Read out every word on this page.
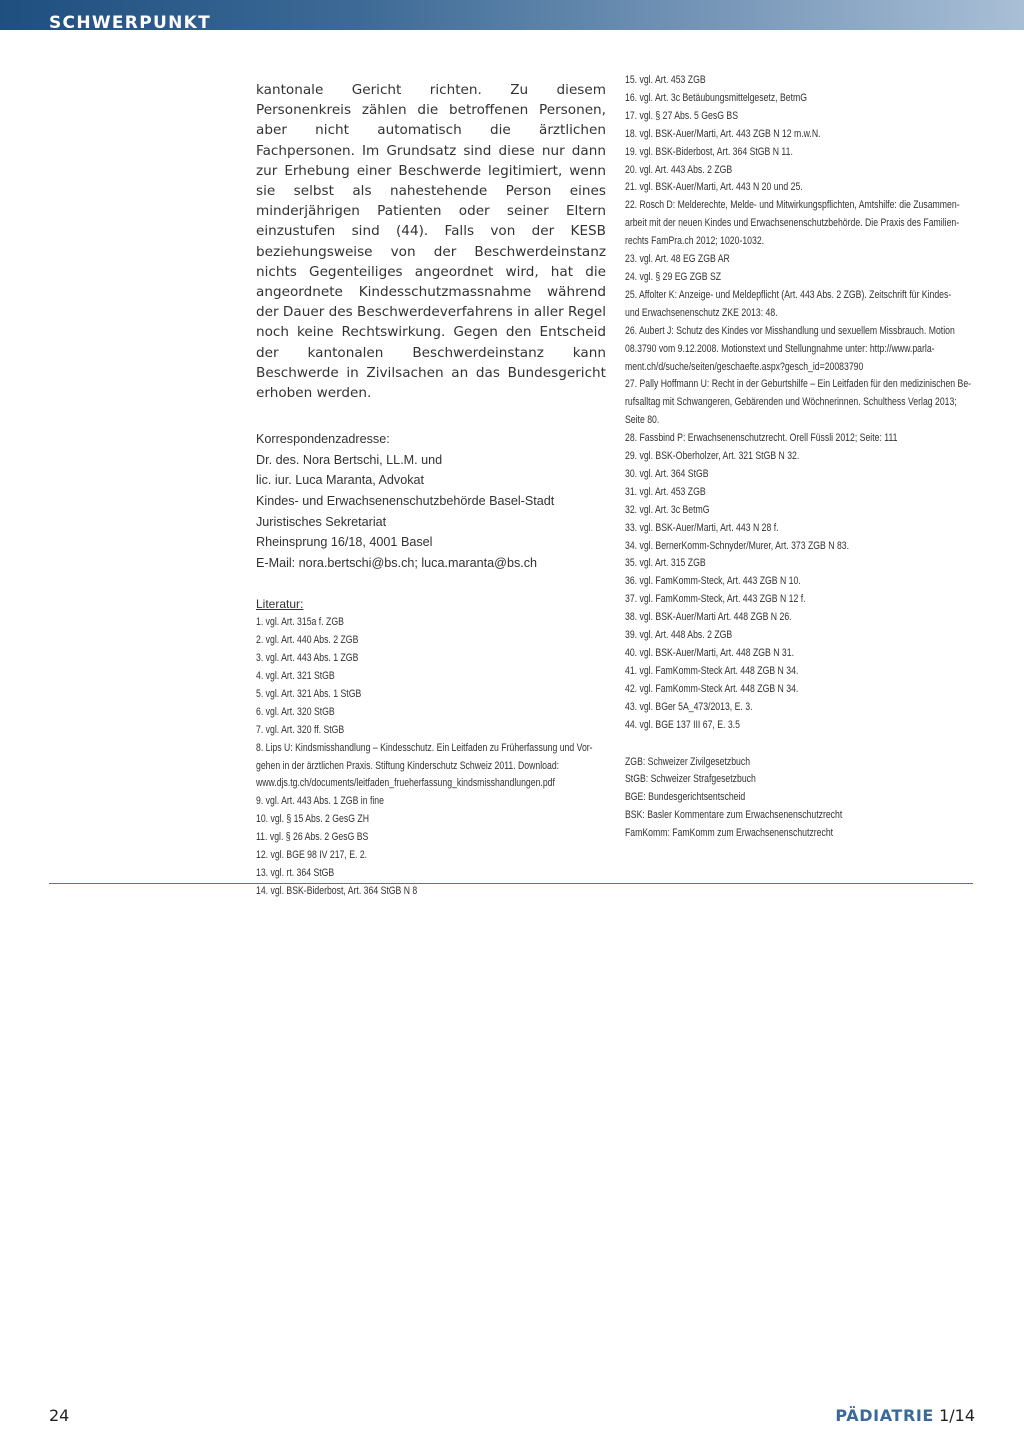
SCHWERPUNKT

kantonale Gericht richten. Zu diesem Personenkreis zählen die betroffenen Personen, aber nicht automatisch die ärztlichen Fachpersonen. Im Grundsatz sind diese nur dann zur Erhebung einer Beschwerde legitimiert, wenn sie selbst als nahestehende Person eines minderjährigen Patienten oder seiner Eltern einzustufen sind (44). Falls von der KESB beziehungsweise von der Beschwerdeinstanz nichts Gegenteiliges angeordnet wird, hat die angeordnete Kindesschutzmassnahme während der Dauer des Beschwerdeverfahrens in aller Regel noch keine Rechtswirkung. Gegen den Entscheid der kantonalen Beschwerdeinstanz kann Beschwerde in Zivilsachen an das Bundesgericht erhoben werden.

Korrespondenzadresse:
Dr. des. Nora Bertschi, LL.M. und
lic. iur. Luca Maranta, Advokat
Kindes- und Erwachsenenschutzbehörde Basel-Stadt
Juristisches Sekretariat
Rheinsprung 16/18, 4001 Basel
E-Mail: nora.bertschi@bs.ch; luca.maranta@bs.ch
Literatur:
1. vgl. Art. 315a f. ZGB
2. vgl. Art. 440 Abs. 2 ZGB
3. vgl. Art. 443 Abs. 1 ZGB
4. vgl. Art. 321 StGB
5. vgl. Art. 321 Abs. 1 StGB
6. vgl. Art. 320 StGB
7. vgl. Art. 320 ff. StGB
8. Lips U: Kindsmisshandlung – Kindesschutz. Ein Leitfaden zu Früherfassung und Vor-
gehen in der ärztlichen Praxis. Stiftung Kinderschutz Schweiz 2011. Download:
www.djs.tg.ch/documents/leitfaden_frueherfassung_kindsmisshandlungen.pdf
9. vgl. Art. 443 Abs. 1 ZGB in fine
10. vgl. § 15 Abs. 2 GesG ZH
11. vgl. § 26 Abs. 2 GesG BS
12. vgl. BGE 98 IV 217, E. 2.
13. vgl. rt. 364 StGB
14. vgl. BSK-Biderbost, Art. 364 StGB N 8
15. vgl. Art. 453 ZGB
16. vgl. Art. 3c Betäubungsmittelgesetz, BetmG
17. vgl. § 27 Abs. 5 GesG BS
18. vgl. BSK-Auer/Marti, Art. 443 ZGB N 12 m.w.N.
19. vgl. BSK-Biderbost, Art. 364 StGB N 11.
20. vgl. Art. 443 Abs. 2 ZGB
21. vgl. BSK-Auer/Marti, Art. 443 N 20 und 25.
22. Rosch D: Melderechte, Melde- und Mitwirkungspflichten, Amtshilfe: die Zusammen-
arbeit mit der neuen Kindes und Erwachsenenschutzbehörde. Die Praxis des Familien-
rechts FamPra.ch 2012; 1020-1032.
23. vgl. Art. 48 EG ZGB AR
24. vgl. § 29 EG ZGB SZ
25. Affolter K: Anzeige- und Meldepflicht (Art. 443 Abs. 2 ZGB). Zeitschrift für Kindes-
und Erwachsenenschutz ZKE 2013: 48.
26. Aubert J: Schutz des Kindes vor Misshandlung und sexuellem Missbrauch. Motion
08.3790 vom 9.12.2008. Motionstext und Stellungnahme unter: http://www.parla-
ment.ch/d/suche/seiten/geschaefte.aspx?gesch_id=20083790
27. Pally Hoffmann U: Recht in der Geburtshilfe – Ein Leitfaden für den medizinischen Be-
rufsalltag mit Schwangeren, Gebärenden und Wöchnerinnen. Schulthess Verlag 2013;
Seite 80.
28. Fassbind P: Erwachsenenschutzrecht. Orell Füssli 2012; Seite: 111
29. vgl. BSK-Oberholzer, Art. 321 StGB N 32.
30. vgl. Art. 364 StGB
31. vgl. Art. 453 ZGB
32. vgl. Art. 3c BetmG
33. vgl. BSK-Auer/Marti, Art. 443 N 28 f.
34. vgl. BernerKomm-Schnyder/Murer, Art. 373 ZGB N 83.
35. vgl. Art. 315 ZGB
36. vgl. FamKomm-Steck, Art. 443 ZGB N 10.
37. vgl. FamKomm-Steck, Art. 443 ZGB N 12 f.
38. vgl. BSK-Auer/Marti Art. 448 ZGB N 26.
39. vgl. Art. 448 Abs. 2 ZGB
40. vgl. BSK-Auer/Marti, Art. 448 ZGB N 31.
41. vgl. FamKomm-Steck Art. 448 ZGB N 34.
42. vgl. FamKomm-Steck Art. 448 ZGB N 34.
43. vgl. BGer 5A_473/2013, E. 3.
44. vgl. BGE 137 III 67, E. 3.5
ZGB: Schweizer Zivilgesetzbuch
StGB: Schweizer Strafgesetzbuch
BGE: Bundesgerichtsentscheid
BSK: Basler Kommentare zum Erwachsenenschutzrecht
FamKomm: FamKomm zum Erwachsenenschutzrecht
24	PÄDIATRIE 1/14
